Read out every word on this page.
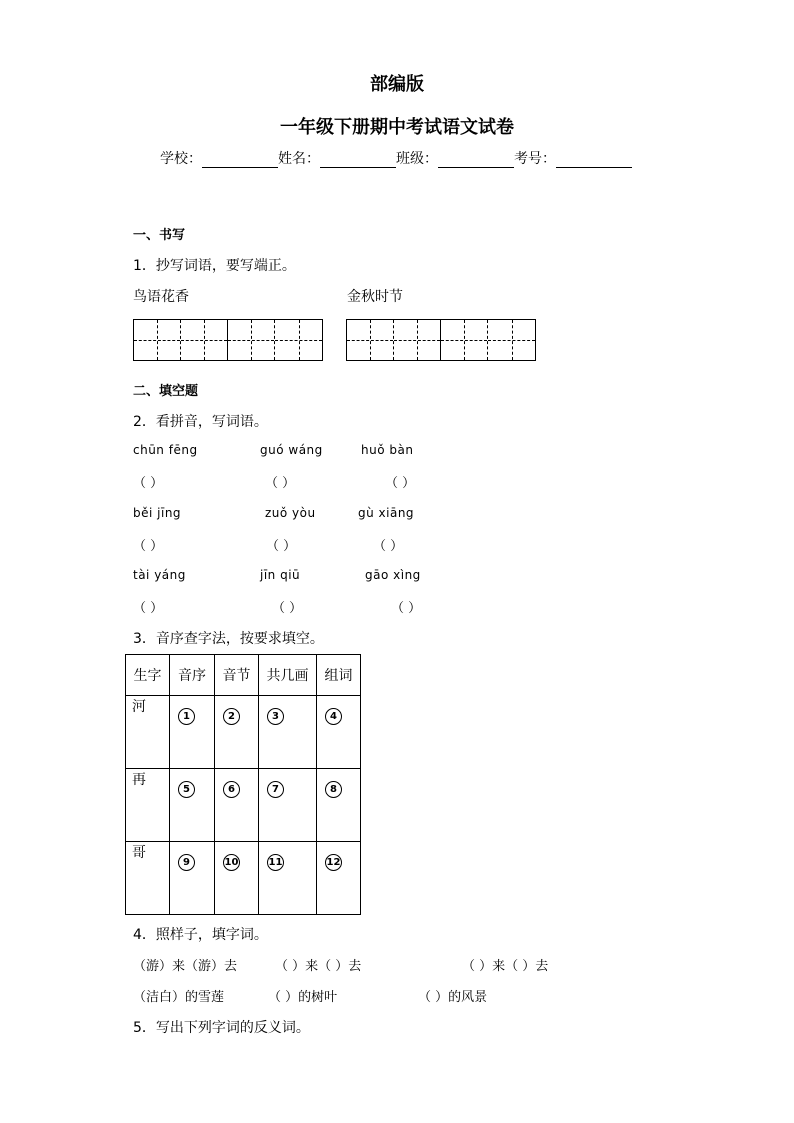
部编版
一年级下册期中考试语文试卷
学校：	姓名：	班级：	考号：
一、书写
1．抄写词语，要写端正。
鸟语花香	金秋时节
二、填空题
2．看拼音，写词语。
chūn fēng	guó wáng	huǒ bàn
（ ）	（ ）	（ ）
běi jīng	zuǒ yòu	gù xiāng
（ ）	（ ）	（ ）
tài yáng	jīn qiū	gāo xìng
（ ）	（ ）	（ ）
3．音序查字法，按要求填空。
生字	音序	音节	共几画	组词
河	1	2	3	4
再	5	6	7	8
哥	9	10	11	12
4．照样子，填字词。
（游）来（游）去	（ ）来（ ）去	（ ）来（ ）去
（洁白）的雪莲	（ ）的树叶	（ ）的风景
5．写出下列字词的反义词。
